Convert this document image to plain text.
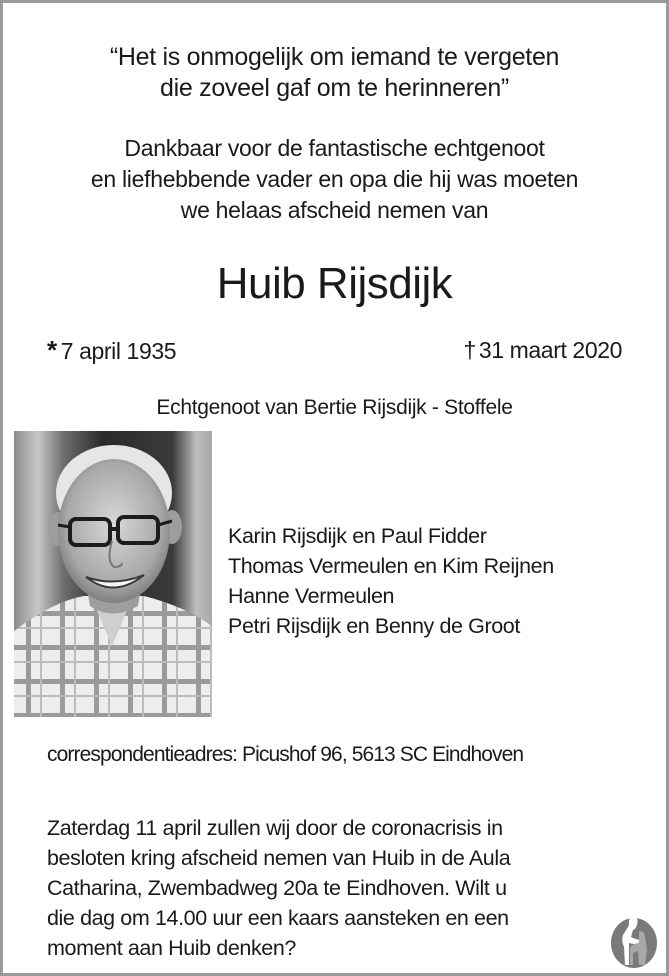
“Het is onmogelijk om iemand te vergeten
die zoveel gaf om te herinneren”
Dankbaar voor de fantastische echtgenoot
en liefhebbende vader en opa die hij was moeten
we helaas afscheid nemen van
Huib Rijsdijk
* 7 april 1935	† 31 maart 2020
Echtgenoot van Bertie Rijsdijk - Stoffele
Karin Rijsdijk en Paul Fidder
Thomas Vermeulen en Kim Reijnen
Hanne Vermeulen
Petri Rijsdijk en Benny de Groot
correspondentieadres: Picushof 96, 5613 SC Eindhoven
Zaterdag 11 april zullen wij door de coronacrisis in
besloten kring afscheid nemen van Huib in de Aula
Catharina, Zwembadweg 20a te Eindhoven. Wilt u
die dag om 14.00 uur een kaars aansteken en een
moment aan Huib denken?
